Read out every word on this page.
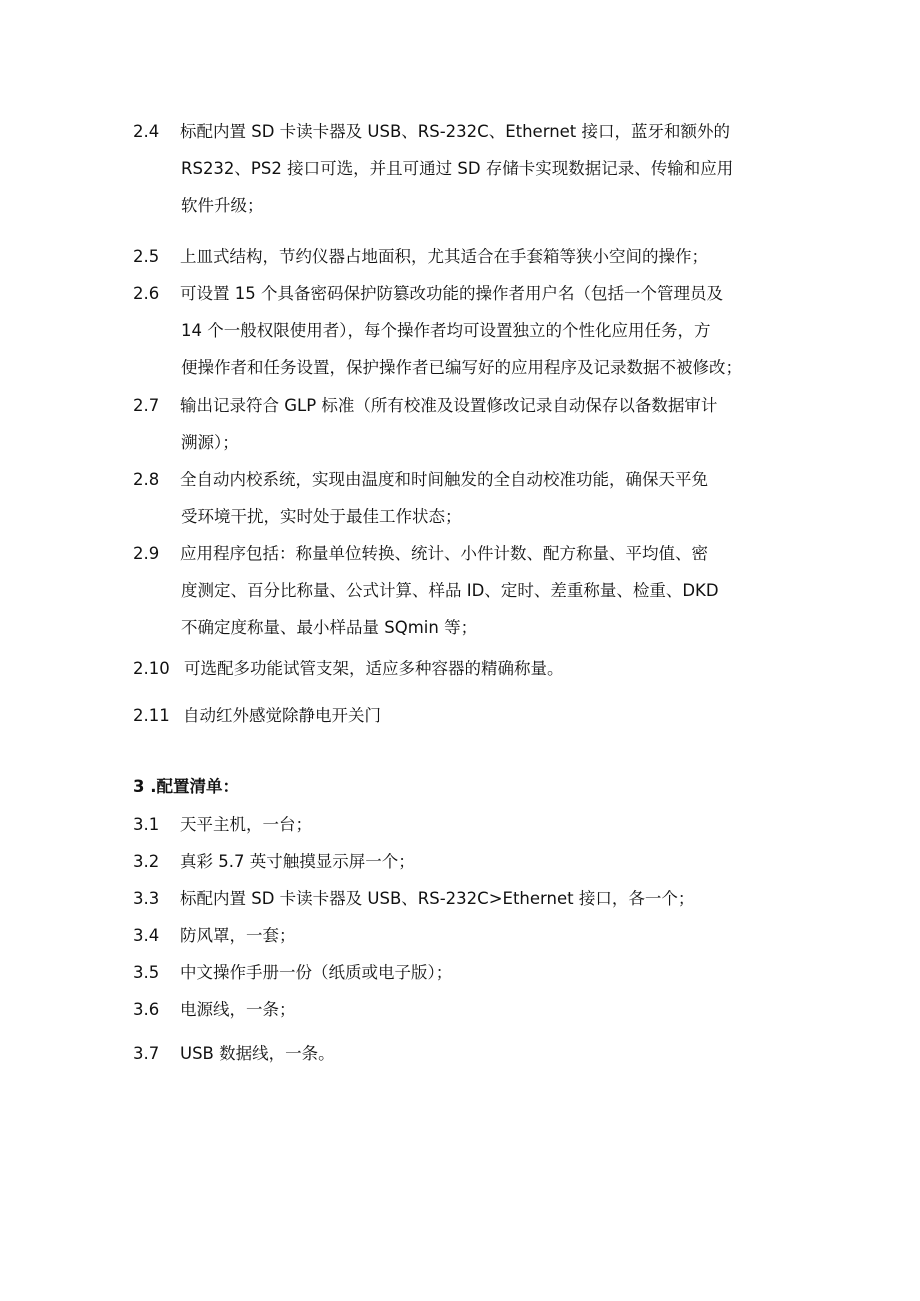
2.4	标配内置 SD 卡读卡器及 USB、RS-232C、Ethernet 接口，蓝牙和额外的
RS232、PS2 接口可选，并且可通过 SD 存储卡实现数据记录、传输和应用
软件升级；
2.5	上皿式结构，节约仪器占地面积，尤其适合在手套箱等狭小空间的操作；
2.6	可设置 15 个具备密码保护防篡改功能的操作者用户名（包括一个管理员及
14 个一般权限使用者），每个操作者均可设置独立的个性化应用任务，方
便操作者和任务设置，保护操作者已编写好的应用程序及记录数据不被修改；
2.7	输出记录符合 GLP 标准（所有校准及设置修改记录自动保存以备数据审计
溯源）；
2.8	全自动内校系统，实现由温度和时间触发的全自动校准功能，确保天平免
受环境干扰，实时处于最佳工作状态；
2.9	应用程序包括：称量单位转换、统计、小件计数、配方称量、平均值、密
度测定、百分比称量、公式计算、样品 ID、定时、差重称量、检重、DKD
不确定度称量、最小样品量 SQmin 等；
2.10 可选配多功能试管支架，适应多种容器的精确称量。
2.11 自动红外感觉除静电开关门
3 .配置清单：
3.1	天平主机，一台；
3.2	真彩 5.7 英寸触摸显示屏一个；
3.3	标配内置 SD 卡读卡器及 USB、RS-232C>Ethernet 接口，各一个；
3.4	防风罩，一套；
3.5	中文操作手册一份（纸质或电子版）；
3.6	电源线，一条；
3.7	USB 数据线，一条。
